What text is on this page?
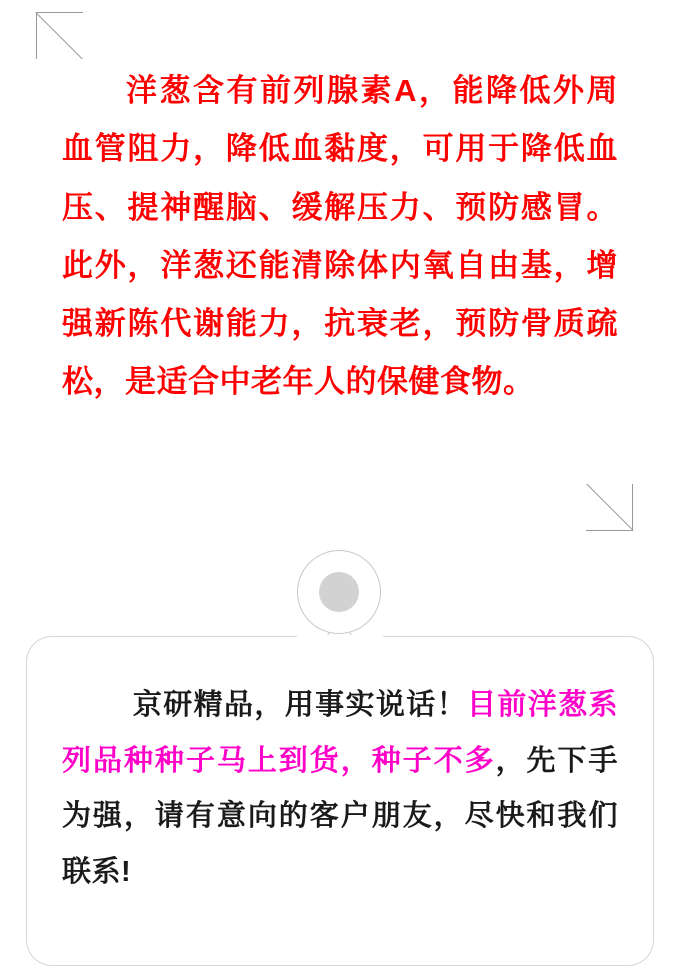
洋葱含有前列腺素A，能降低外周血管阻力，降低血黏度，可用于降低血压、提神醒脑、缓解压力、预防感冒。此外，洋葱还能清除体内氧自由基，增强新陈代谢能力，抗衰老，预防骨质疏松，是适合中老年人的保健食物。
京研精品，用事实说话！目前洋葱系列品种种子马上到货，种子不多，先下手为强，请有意向的客户朋友，尽快和我们联系!
